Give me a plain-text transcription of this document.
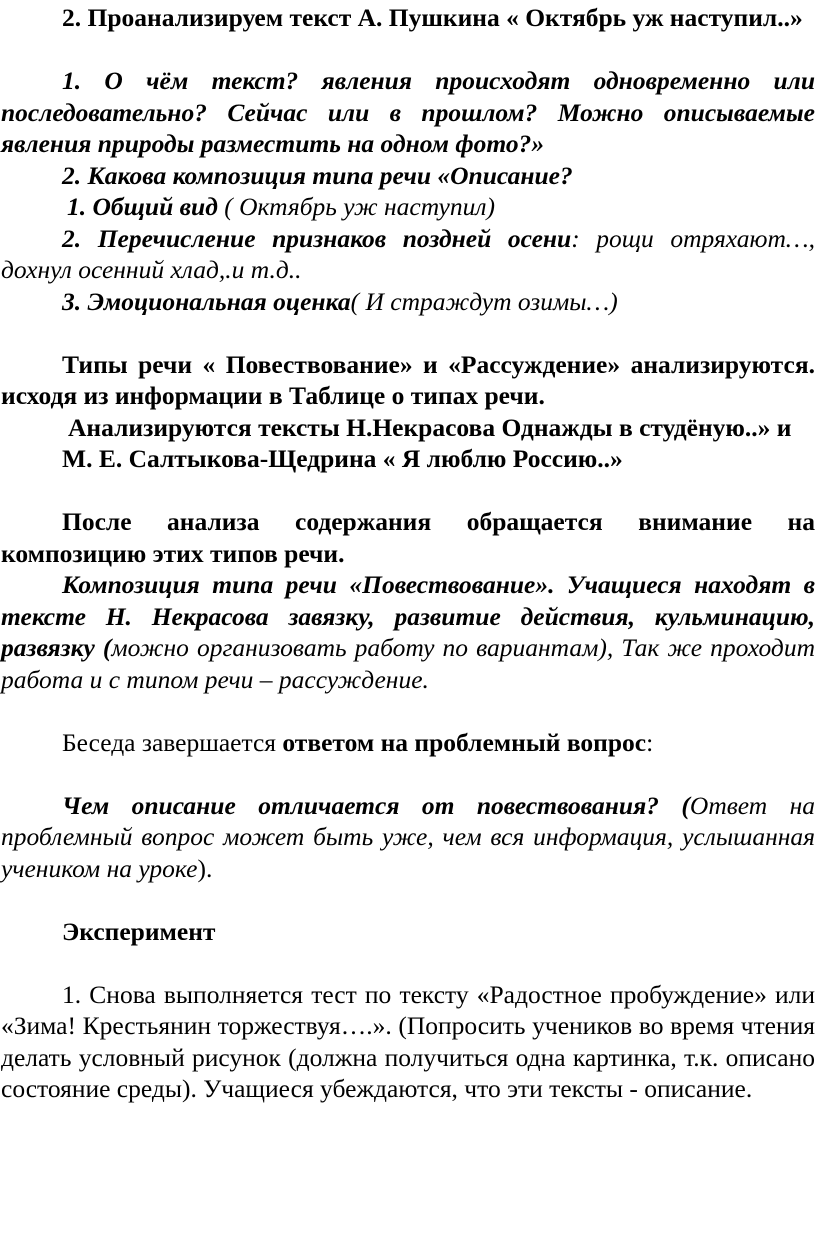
2. Проанализируем текст А. Пушкина « Октябрь уж наступил..»

1. О чём текст? явления происходят одновременно или последовательно? Сейчас или в прошлом? Можно описываемые явления природы разместить на одном фото?»

2. Какова композиция типа речи «Описание?

1. Общий вид ( Октябрь уж наступил)

2. Перечисление признаков поздней осени: рощи отряхают…, дохнул осенний хлад,.и т.д..

3. Эмоциональная оценка( И страждут озимы…)

Типы речи « Повествование» и «Рассуждение» анализируются. исходя из информации в Таблице о типах речи.

Анализируются тексты Н.Некрасова Однажды в студёную..» и

М. Е. Салтыкова-Щедрина « Я люблю Россию..»

После анализа содержания обращается внимание на композицию этих типов речи.

Композиция типа речи «Повествование». Учащиеся находят в тексте Н. Некрасова завязку, развитие действия, кульминацию, развязку (можно организовать работу по вариантам), Так же проходит работа и с типом речи – рассуждение.

Беседа завершается ответом на проблемный вопрос:

Чем описание отличается от повествования? (Ответ на проблемный вопрос может быть уже, чем вся информация, услышанная учеником на уроке).

Эксперимент

1. Снова выполняется тест по тексту «Радостное пробуждение» или «Зима! Крестьянин торжествуя….». (Попросить учеников во время чтения делать условный рисунок (должна получиться одна картинка, т.к. описано состояние среды). Учащиеся убеждаются, что эти тексты - описание.
